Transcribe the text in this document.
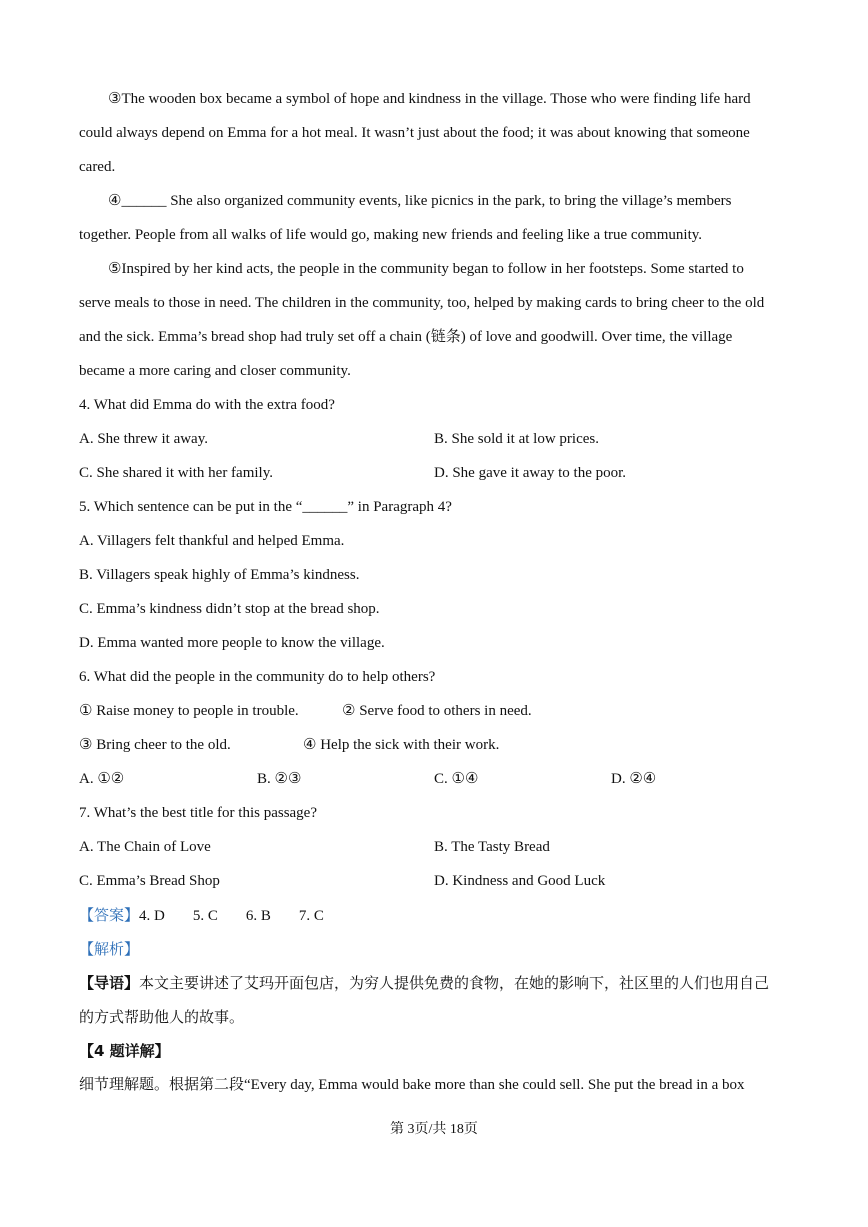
③The wooden box became a symbol of hope and kindness in the village. Those who were finding life hard
could always depend on Emma for a hot meal. It wasn’t just about the food; it was about knowing that someone
cared.
④______ She also organized community events, like picnics in the park, to bring the village’s members
together. People from all walks of life would go, making new friends and feeling like a true community.
⑤Inspired by her kind acts, the people in the community began to follow in her footsteps. Some started to
serve meals to those in need. The children in the community, too, helped by making cards to bring cheer to the old
and the sick. Emma’s bread shop had truly set off a chain (链条) of love and goodwill. Over time, the village
became a more caring and closer community.
4. What did Emma do with the extra food?
A. She threw it away.	B. She sold it at low prices.
C. She shared it with her family.	D. She gave it away to the poor.
5. Which sentence can be put in the “______” in Paragraph 4?
A. Villagers felt thankful and helped Emma.
B. Villagers speak highly of Emma’s kindness.
C. Emma’s kindness didn’t stop at the bread shop.
D. Emma wanted more people to know the village.
6. What did the people in the community do to help others?
① Raise money to people in trouble.	② Serve food to others in need.
③ Bring cheer to the old.	④ Help the sick with their work.
A. ①②	B. ②③	C. ①④	D. ②④
7. What’s the best title for this passage?
A. The Chain of Love	B. The Tasty Bread
C. Emma’s Bread Shop	D. Kindness and Good Luck
【答案】4. D 5. C 6. B 7. C
【解析】
【导语】本文主要讲述了艾玛开面包店，为穷人提供免费的食物，在她的影响下，社区里的人们也用自己
的方式帮助他人的故事。
【4 题详解】
细节理解题。根据第二段“Every day, Emma would bake more than she could sell. She put the bread in a box
第 3页/共 18页
